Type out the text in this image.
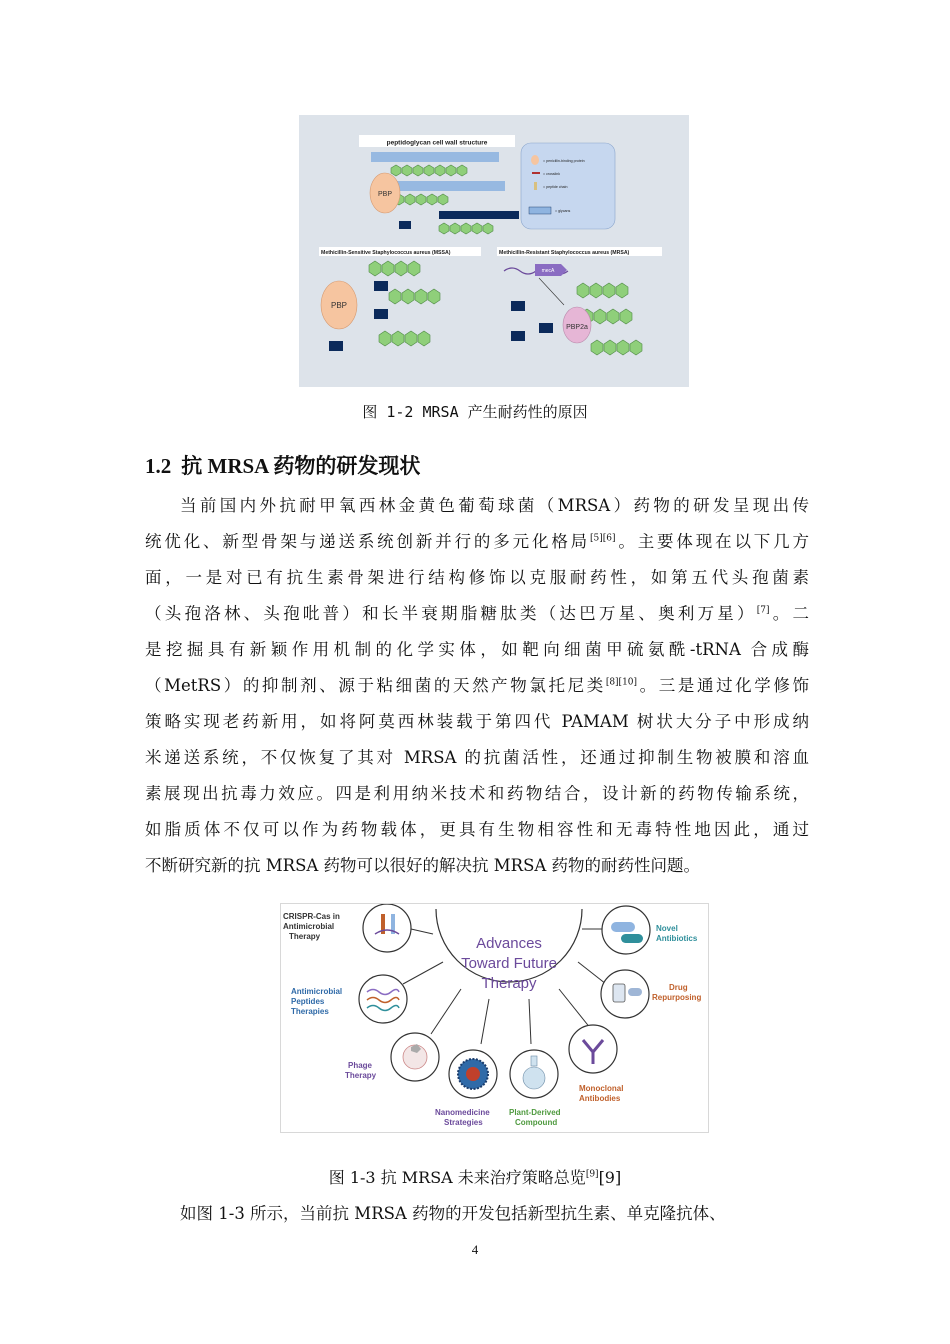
peptidoglycan cell wall structure
PBP
= penicillin-binding protein
= crosslink
= peptide chain
= glycans
Methicillin-Sensitive Staphylococcus aureus (MSSA)	Methicillin-Resistant Staphylococcus aureus (MRSA)
PBP
mecA
PBP2a
图 1-2 MRSA 产生耐药性的原因
1.2 抗 MRSA 药物的研发现状
当前国内外抗耐甲氧西林金黄色葡萄球菌（MRSA）药物的研发呈现出传
统优化、新型骨架与递送系统创新并行的多元化格局[5][6]。主要体现在以下几方
面，一是对已有抗生素骨架进行结构修饰以克服耐药性，如第五代头孢菌素
（头孢洛林、头孢吡普）和长半衰期脂糖肽类（达巴万星、奥利万星）[7]。二
是挖掘具有新颖作用机制的化学实体，如靶向细菌甲硫氨酰-tRNA 合成酶
（MetRS）的抑制剂、源于粘细菌的天然产物氯托尼类[8][10]。三是通过化学修饰
策略实现老药新用，如将阿莫西林装载于第四代 PAMAM 树状大分子中形成纳
米递送系统，不仅恢复了其对 MRSA 的抗菌活性，还通过抑制生物被膜和溶血
素展现出抗毒力效应。四是利用纳米技术和药物结合，设计新的药物传输系统，
如脂质体不仅可以作为药物载体，更具有生物相容性和无毒特性地因此，通过
不断研究新的抗 MRSA 药物可以很好的解决抗 MRSA 药物的耐药性问题。
Advances
Toward Future
Therapy
CRISPR-Cas in
Antimicrobial
Therapy
Antimicrobial
Peptides
Therapies
Phage
Therapy
Nanomedicine
Strategies
Plant-Derived
Compound
Monoclonal
Antibodies
Drug
Repurposing
Novel
Antibiotics
图 1-3 抗 MRSA 未来治疗策略总览[9][9]
如图 1-3 所示，当前抗 MRSA 药物的开发包括新型抗生素、单克隆抗体、
4
